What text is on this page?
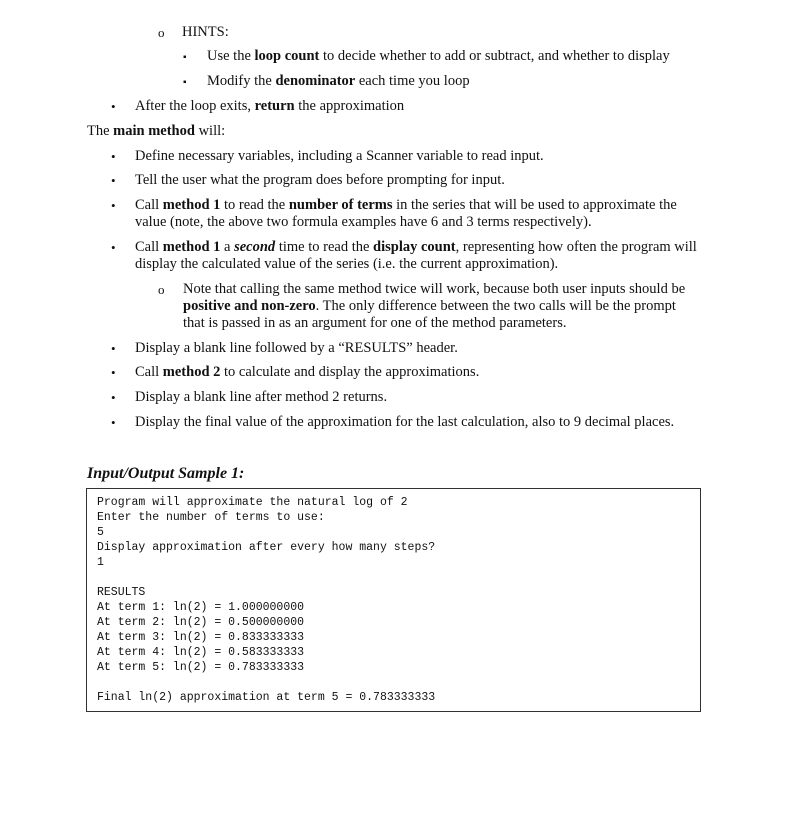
o HINTS:
▪ Use the loop count to decide whether to add or subtract, and whether to display
▪ Modify the denominator each time you loop
• After the loop exits, return the approximation
The main method will:
• Define necessary variables, including a Scanner variable to read input.
• Tell the user what the program does before prompting for input.
• Call method 1 to read the number of terms in the series that will be used to approximate the
value (note, the above two formula examples have 6 and 3 terms respectively).
• Call method 1 a second time to read the display count, representing how often the program will
display the calculated value of the series (i.e. the current approximation).
o Note that calling the same method twice will work, because both user inputs should be
positive and non-zero. The only difference between the two calls will be the prompt
that is passed in as an argument for one of the method parameters.
• Display a blank line followed by a “RESULTS” header.
• Call method 2 to calculate and display the approximations.
• Display a blank line after method 2 returns.
• Display the final value of the approximation for the last calculation, also to 9 decimal places.
Input/Output Sample 1:
Program will approximate the natural log of 2
Enter the number of terms to use:
5
Display approximation after every how many steps?
1

RESULTS
At term 1: ln(2) = 1.000000000
At term 2: ln(2) = 0.500000000
At term 3: ln(2) = 0.833333333
At term 4: ln(2) = 0.583333333
At term 5: ln(2) = 0.783333333

Final ln(2) approximation at term 5 = 0.783333333
